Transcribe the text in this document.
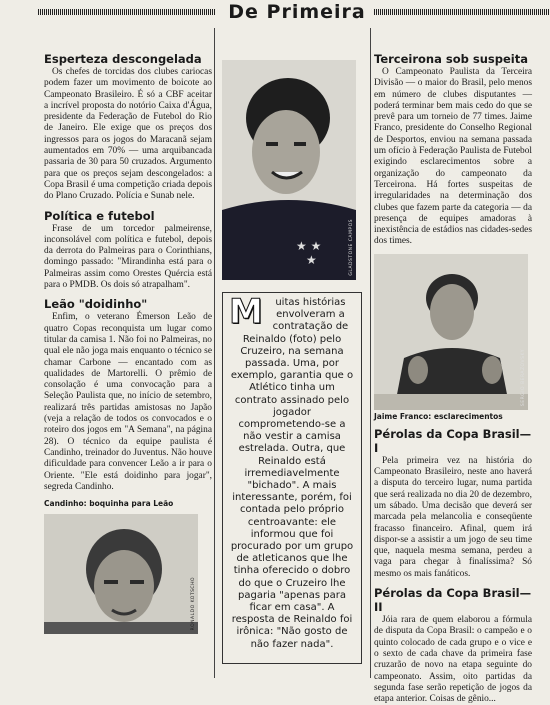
De Primeira
Esperteza descongelada

Os chefes de torcidas dos clubes cariocas podem fazer um movimento de boicote ao Campeonato Brasileiro. É só a CBF aceitar a incrível proposta do notório Caixa d'Água, presidente da Federação de Futebol do Rio de Janeiro. Ele exige que os preços dos ingressos para os jogos do Maracanã sejam aumentados em 70% — uma arquibancada passaria de 30 para 50 cruzados. Argumento para que os preços sejam descongelados: a Copa Brasil é uma competição criada depois do Plano Cruzado. Polícia e Sunab nele.

Política e futebol

Frase de um torcedor palmeirense, inconsolável com política e futebol, depois da derrota do Palmeiras para o Corinthians, domingo passado: "Mirandinha está para o Palmeiras assim como Orestes Quércia está para o PMDB. Os dois só atrapalham".

Leão "doidinho"

Enfim, o veterano Émerson Leão de quatro Copas reconquista um lugar como titular da camisa 1. Não foi no Palmeiras, no qual ele não joga mais enquanto o técnico se chamar Carbone — encantado com as qualidades de Martorelli. O prêmio de consolação é uma convocação para a Seleção Paulista que, no início de setembro, realizará três partidas amistosas no Japão (veja a relação de todos os convocados e o roteiro dos jogos em "A Semana", na página 28). O técnico da equipe paulista é Candinho, treinador do Juventus. Não houve dificuldade para convencer Leão a ir para o Oriente. "Ele está doidinho para jogar", segreda Candinho.

Candinho: boquinha para Leão
RONALDO KOTSCHO
★ ★
★	GLADSTONE CAMPOS

M uitas histórias envolveram a contratação de Reinaldo (foto) pelo Cruzeiro, na semana passada. Uma, por exemplo, garantia que o Atlético tinha um contrato assinado pelo jogador comprometendo-se a não vestir a camisa estrelada. Outra, que Reinaldo está irremediavelmente "bichado". A mais interessante, porém, foi contada pelo próprio centroavante: ele informou que foi procurado por um grupo de atleticanos que lhe tinha oferecido o dobro do que o Cruzeiro lhe pagaria "apenas para ficar em casa". A resposta de Reinaldo foi irônica: "Não gosto de não fazer nada".

Terceirona sob suspeita

O Campeonato Paulista da Terceira Divisão — o maior do Brasil, pelo menos em número de clubes disputantes — poderá terminar bem mais cedo do que se prevê para um torneio de 77 times. Jaime Franco, presidente do Conselho Regional de Desportos, enviou na semana passada um ofício à Federação Paulista de Futebol exigindo esclarecimentos sobre a organização do campeonato da Terceirona. Há fortes suspeitas de irregularidades na determinação dos clubes que fazem parte da categoria — da presença de equipes amadoras à inexistência de estádios nas cidades-sedes dos times.

SERGIO BERAZOVSKY
Jaime Franco: esclarecimentos
Pérolas da Copa Brasil—I

Pela primeira vez na história do Campeonato Brasileiro, neste ano haverá a disputa do terceiro lugar, numa partida que será realizada no dia 20 de dezembro, um sábado. Uma decisão que deverá ser marcada pela melancolia e conseqüente fracasso financeiro. Afinal, quem irá dispor-se a assistir a um jogo de seu time que, naquela mesma semana, perdeu a vaga para chegar à finalíssima? Só mesmo os mais fanáticos.

Pérolas da Copa Brasil—II

Jóia rara de quem elaborou a fórmula de disputa da Copa Brasil: o campeão e o quinto colocado de cada grupo e o vice e o sexto de cada chave da primeira fase cruzarão de novo na etapa seguinte do campeonato. Assim, oito partidas da segunda fase serão repetição de jogos da etapa anterior. Coisas de gênio...
